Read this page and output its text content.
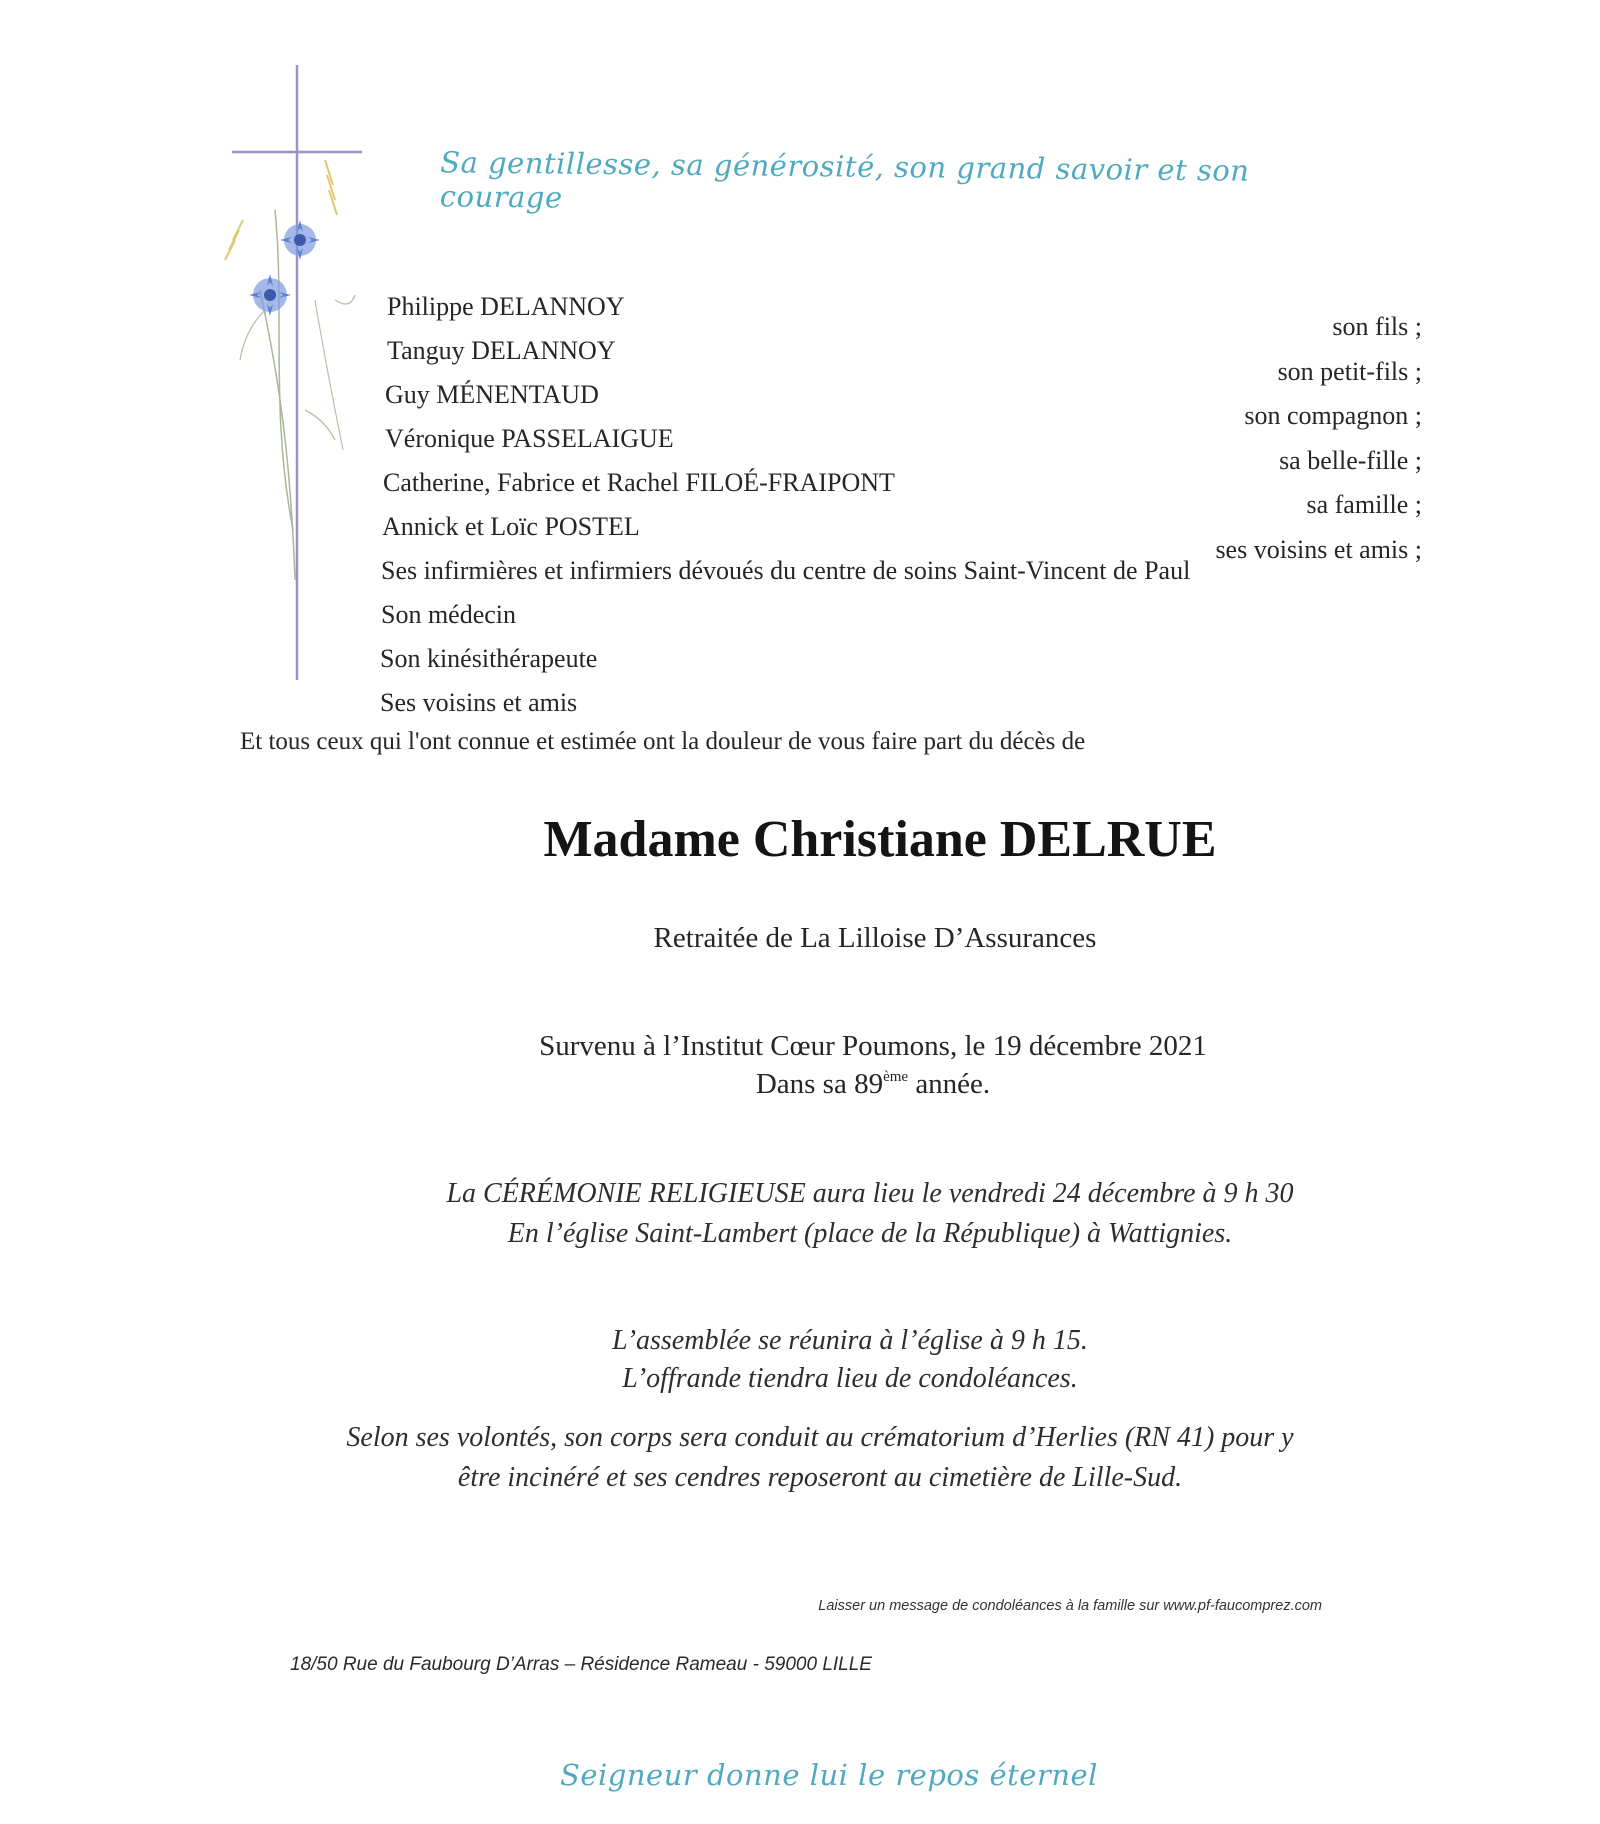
Sa gentillesse, sa générosité, son grand savoir et son courage
Philippe DELANNOY
Tanguy DELANNOY
Guy MÉNENTAUD
Véronique PASSELAIGUE
Catherine, Fabrice et Rachel FILOÉ-FRAIPONT
Annick et Loïc POSTEL
Ses infirmières et infirmiers dévoués du centre de soins Saint-Vincent de Paul
Son médecin
Son kinésithérapeute
Ses voisins et amis
son fils ;
son petit-fils ;
son compagnon ;
sa belle-fille ;
sa famille ;
ses voisins et amis ;
Et tous ceux qui l'ont connue et estimée ont la douleur de vous faire part du décès de
Madame Christiane DELRUE
Retraitée de La Lilloise D’Assurances
Survenu à l’Institut Cœur Poumons, le 19 décembre 2021
Dans sa 89ème année.
La CÉRÉMONIE RELIGIEUSE aura lieu le vendredi 24 décembre à 9 h 30
En l’église Saint-Lambert (place de la République) à Wattignies.
L’assemblée se réunira à l’église à 9 h 15.
L’offrande tiendra lieu de condoléances.
Selon ses volontés, son corps sera conduit au crématorium d’Herlies (RN 41) pour y
être incinéré et ses cendres reposeront au cimetière de Lille-Sud.
Laisser un message de condoléances à la famille sur www.pf-faucomprez.com
18/50 Rue du Faubourg D’Arras – Résidence Rameau - 59000 LILLE
Seigneur donne lui le repos éternel
